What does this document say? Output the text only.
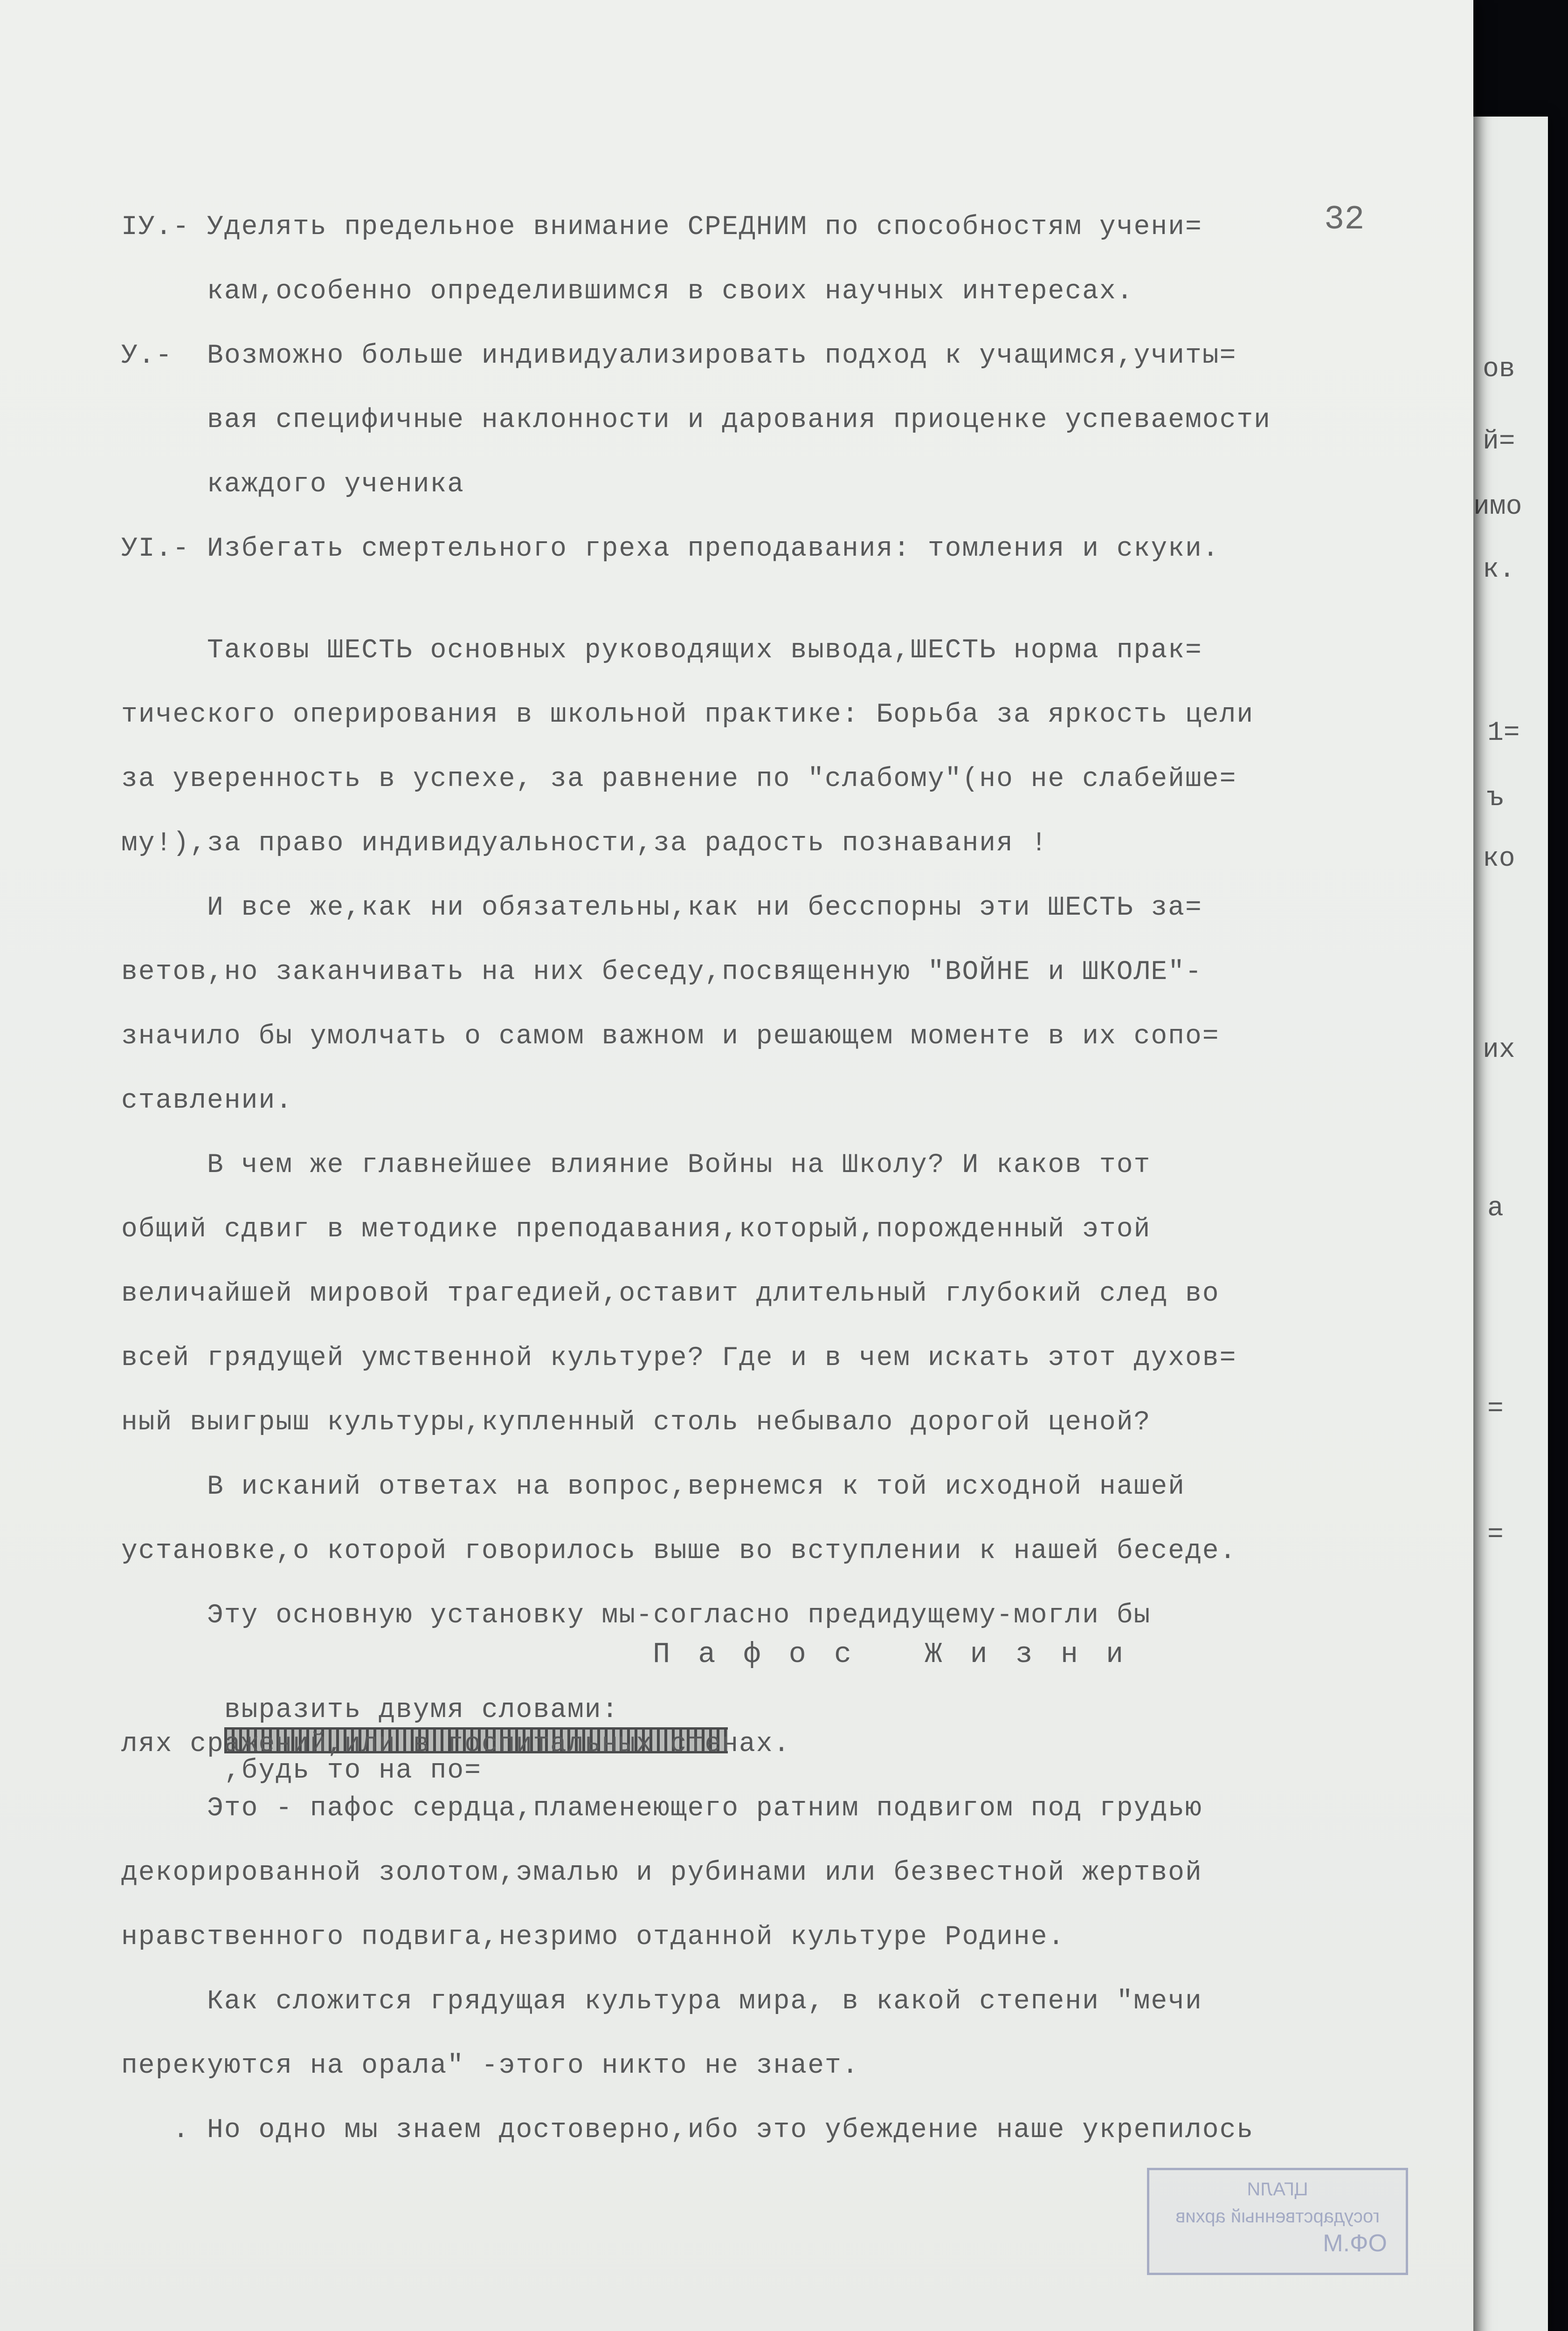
ов
й=
имо
к.
1=
ъ
ко
их
а
=
=
32
IУ.- Уделять предельное внимание СРЕДНИМ по способностям учени=
кам,особенно определившимся в своих научных интересах.
У.-  Возможно больше индивидуализировать подход к учащимся,учиты=
вая специфичные наклонности и дарования приоценке успеваемости
каждого ученика
УI.- Избегать смертельного греха преподавания: томления и скуки.
Таковы ШЕСТЬ основных руководящих вывода,ШЕСТЬ норма прак=
тического оперирования в школьной практике: Борьба за яркость цели
за уверенность в успехе, за равнение по "слабому"(но не слабейше=
му!),за право индивидуальности,за радость познавания !
И все же,как ни обязательны,как ни бесспорны эти ШЕСТЬ за=
ветов,но заканчивать на них беседу,посвященную "ВОЙНЕ и ШКОЛЕ"-
значило бы умолчать о самом важном и решающем моменте в их сопо=
ставлении.
В чем же главнейшее влияние Войны на Школу? И каков тот
общий сдвиг в методике преподавания,который,порожденный этой
величайшей мировой трагедией,оставит длительный глубокий след во
всей грядущей умственной культуре? Где и в чем искать этот духов=
ный выигрыш культуры,купленный столь небывало дорогой ценой?
В исканий ответах на вопрос,вернемся к той исходной нашей
установке,о которой говорилось выше во вступлении к нашей беседе.
Эту основную установку мы-согласно предидущему-могли бы
Пафос Жизни

выразить двумя словами:

,будь то на по=

лях сражений,или в госпитальных стенах.
Это - пафос сердца,пламенеющего ратним подвигом под грудью
декорированной золотом,эмалью и рубинами или безвестной жертвой
нравственного подвига,незримо отданной культуре Родине.
Как сложится грядущая культура мира, в какой степени "мечи
перекуются на орала" -этого никто не знает.
. Но одно мы знаем достоверно,ибо это убеждение наше укрепилось
ЦГАЛИ
государственный архив
М.ФО
